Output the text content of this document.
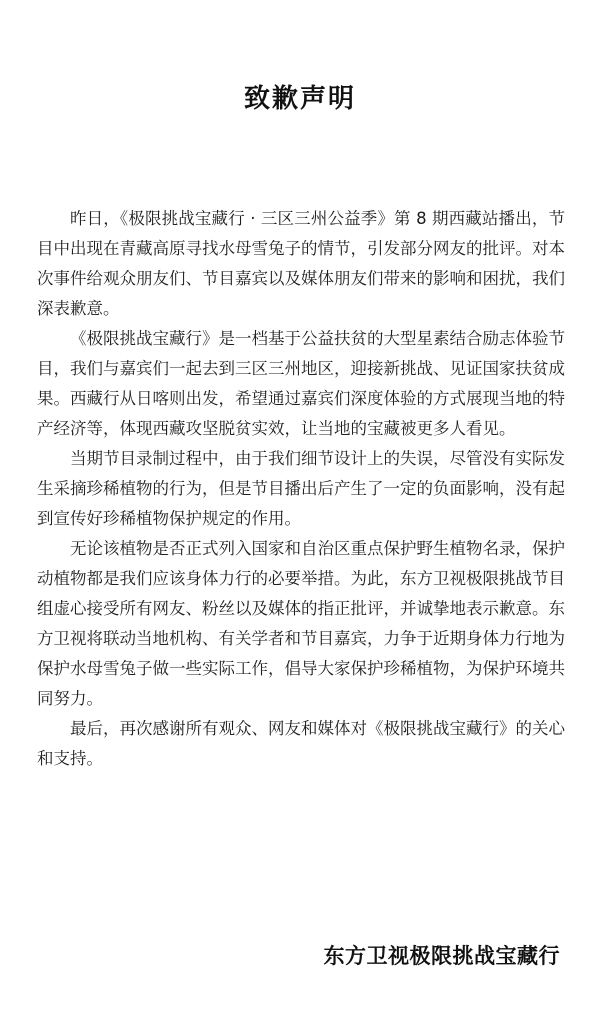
致歉声明

昨日，《极限挑战宝藏行 · 三区三州公益季》第 8 期西藏站播出，节目中出现在青藏高原寻找水母雪兔子的情节，引发部分网友的批评。对本次事件给观众朋友们、节目嘉宾以及媒体朋友们带来的影响和困扰，我们深表歉意。

《极限挑战宝藏行》是一档基于公益扶贫的大型星素结合励志体验节目，我们与嘉宾们一起去到三区三州地区，迎接新挑战、见证国家扶贫成果。西藏行从日喀则出发，希望通过嘉宾们深度体验的方式展现当地的特产经济等，体现西藏攻坚脱贫实效，让当地的宝藏被更多人看见。

当期节目录制过程中，由于我们细节设计上的失误，尽管没有实际发生采摘珍稀植物的行为，但是节目播出后产生了一定的负面影响，没有起到宣传好珍稀植物保护规定的作用。

无论该植物是否正式列入国家和自治区重点保护野生植物名录，保护动植物都是我们应该身体力行的必要举措。为此，东方卫视极限挑战节目组虚心接受所有网友、粉丝以及媒体的指正批评，并诚挚地表示歉意。东方卫视将联动当地机构、有关学者和节目嘉宾，力争于近期身体力行地为保护水母雪兔子做一些实际工作，倡导大家保护珍稀植物，为保护环境共同努力。

最后，再次感谢所有观众、网友和媒体对《极限挑战宝藏行》的关心和支持。

东方卫视极限挑战宝藏行
